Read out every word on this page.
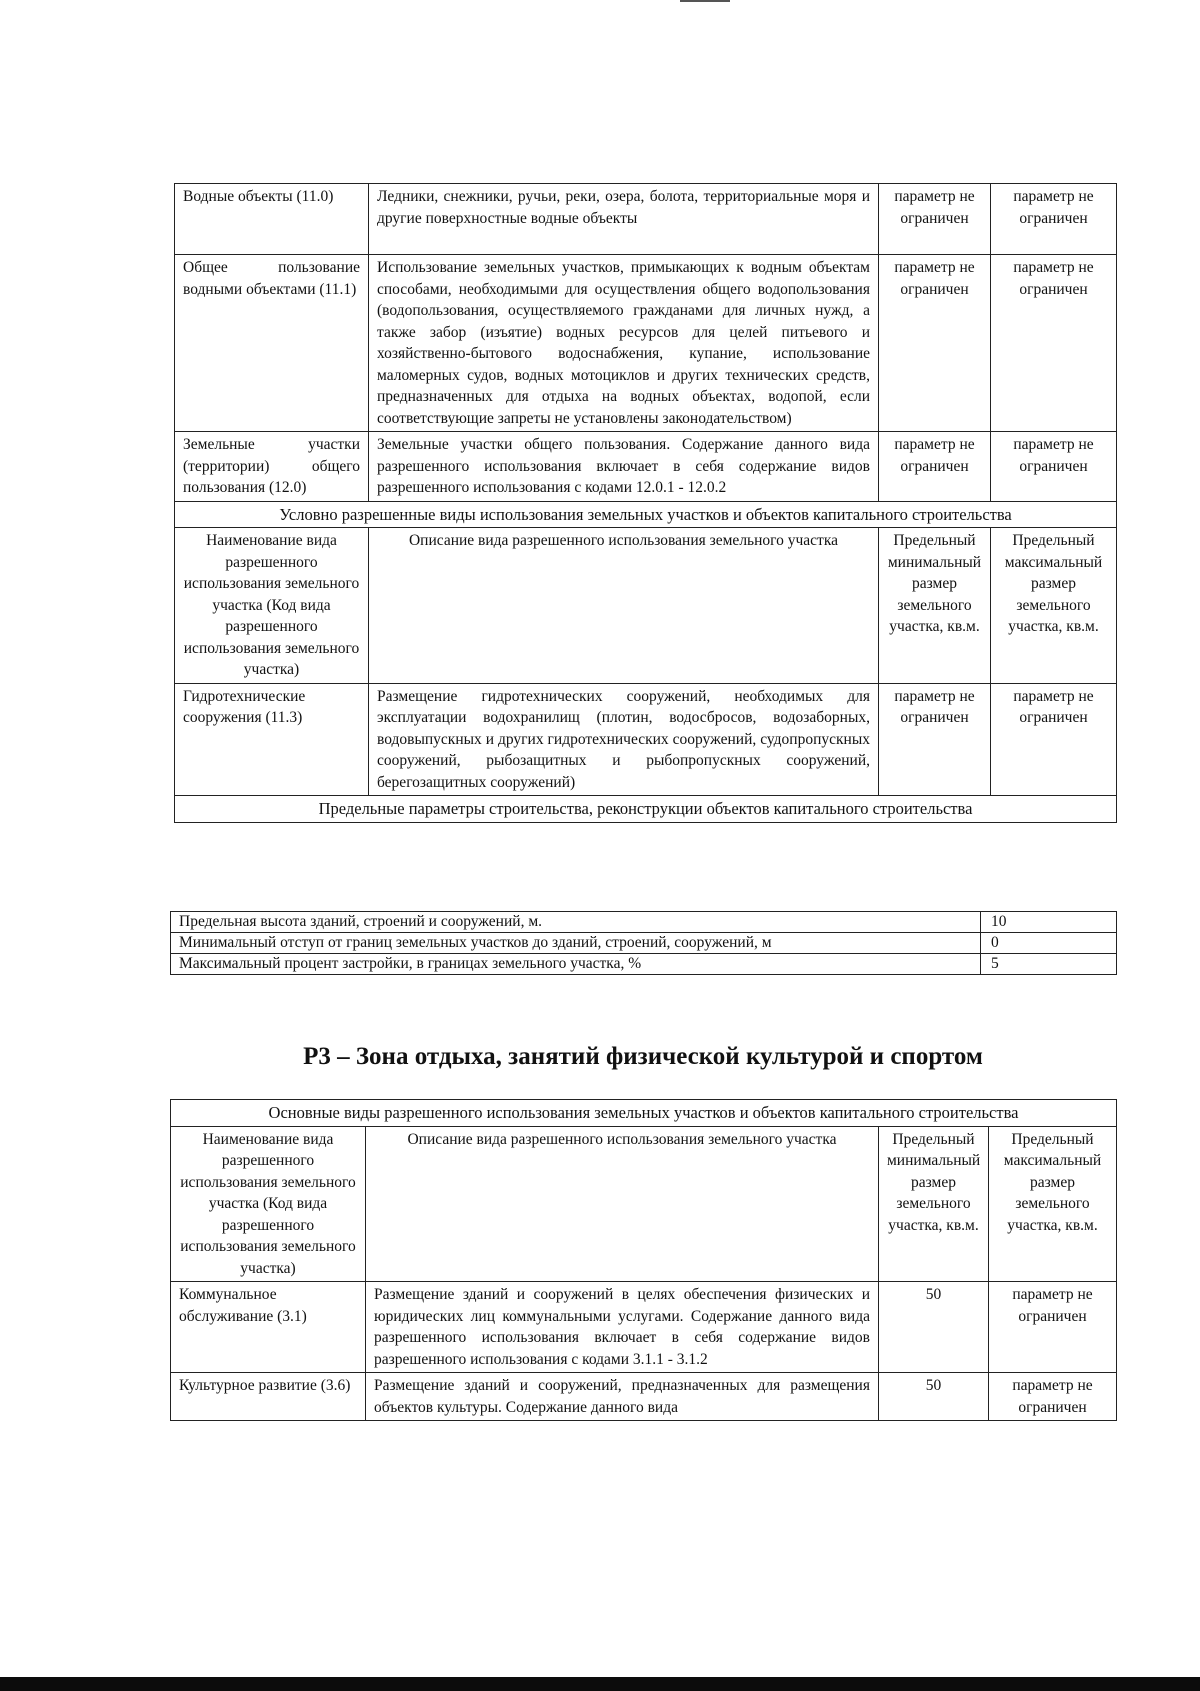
Водные объекты (11.0)	Ледники, снежники, ручьи, реки, озера, болота, территориальные моря и другие поверхностные водные объекты	параметр не ограничен	параметр не ограничен
Общее пользование водными объектами (11.1)	Использование земельных участков, примыкающих к водным объектам способами, необходимыми для осуществления общего водопользования (водопользования, осуществляемого гражданами для личных нужд, а также забор (изъятие) водных ресурсов для целей питьевого и хозяйственно-бытового водоснабжения, купание, использование маломерных судов, водных мотоциклов и других технических средств, предназначенных для отдыха на водных объектах, водопой, если соответствующие запреты не установлены законодательством)	параметр не ограничен	параметр не ограничен
Земельные участки (территории) общего пользования (12.0)	Земельные участки общего пользования. Содержание данного вида разрешенного использования включает в себя содержание видов разрешенного использования с кодами 12.0.1 - 12.0.2	параметр не ограничен	параметр не ограничен
Условно разрешенные виды использования земельных участков и объектов капитального строительства			
Наименование вида разрешенного использования земельного участка (Код вида разрешенного использования земельного участка)	Описание вида разрешенного использования земельного участка	Предельный минимальный размер земельного участка, кв.м.	Предельный максимальный размер земельного участка, кв.м.
Гидротехнические сооружения (11.3)	Размещение гидротехнических сооружений, необходимых для эксплуатации водохранилищ (плотин, водосбросов, водозаборных, водовыпускных и других гидротехнических сооружений, судопропускных сооружений, рыбозащитных и рыбопропускных сооружений, берегозащитных сооружений)	параметр не ограничен	параметр не ограничен
Предельные параметры строительства, реконструкции объектов капитального строительства			
Предельная высота зданий, строений и сооружений, м.	10
Минимальный отступ от границ земельных участков до зданий, строений, сооружений, м	0
Максимальный процент застройки, в границах земельного участка, %	5
Р3 – Зона отдыха, занятий физической культурой и спортом
Основные виды разрешенного использования земельных участков и объектов капитального строительства			
Наименование вида разрешенного использования земельного участка (Код вида разрешенного использования земельного участка)	Описание вида разрешенного использования земельного участка	Предельный минимальный размер земельного участка, кв.м.	Предельный максимальный размер земельного участка, кв.м.
Коммунальное обслуживание (3.1)	Размещение зданий и сооружений в целях обеспечения физических и юридических лиц коммунальными услугами. Содержание данного вида разрешенного использования включает в себя содержание видов разрешенного использования с кодами 3.1.1 - 3.1.2	50	параметр не ограничен
Культурное развитие (3.6)	Размещение зданий и сооружений, предназначенных для размещения объектов культуры. Содержание данного вида	50	параметр не ограничен
